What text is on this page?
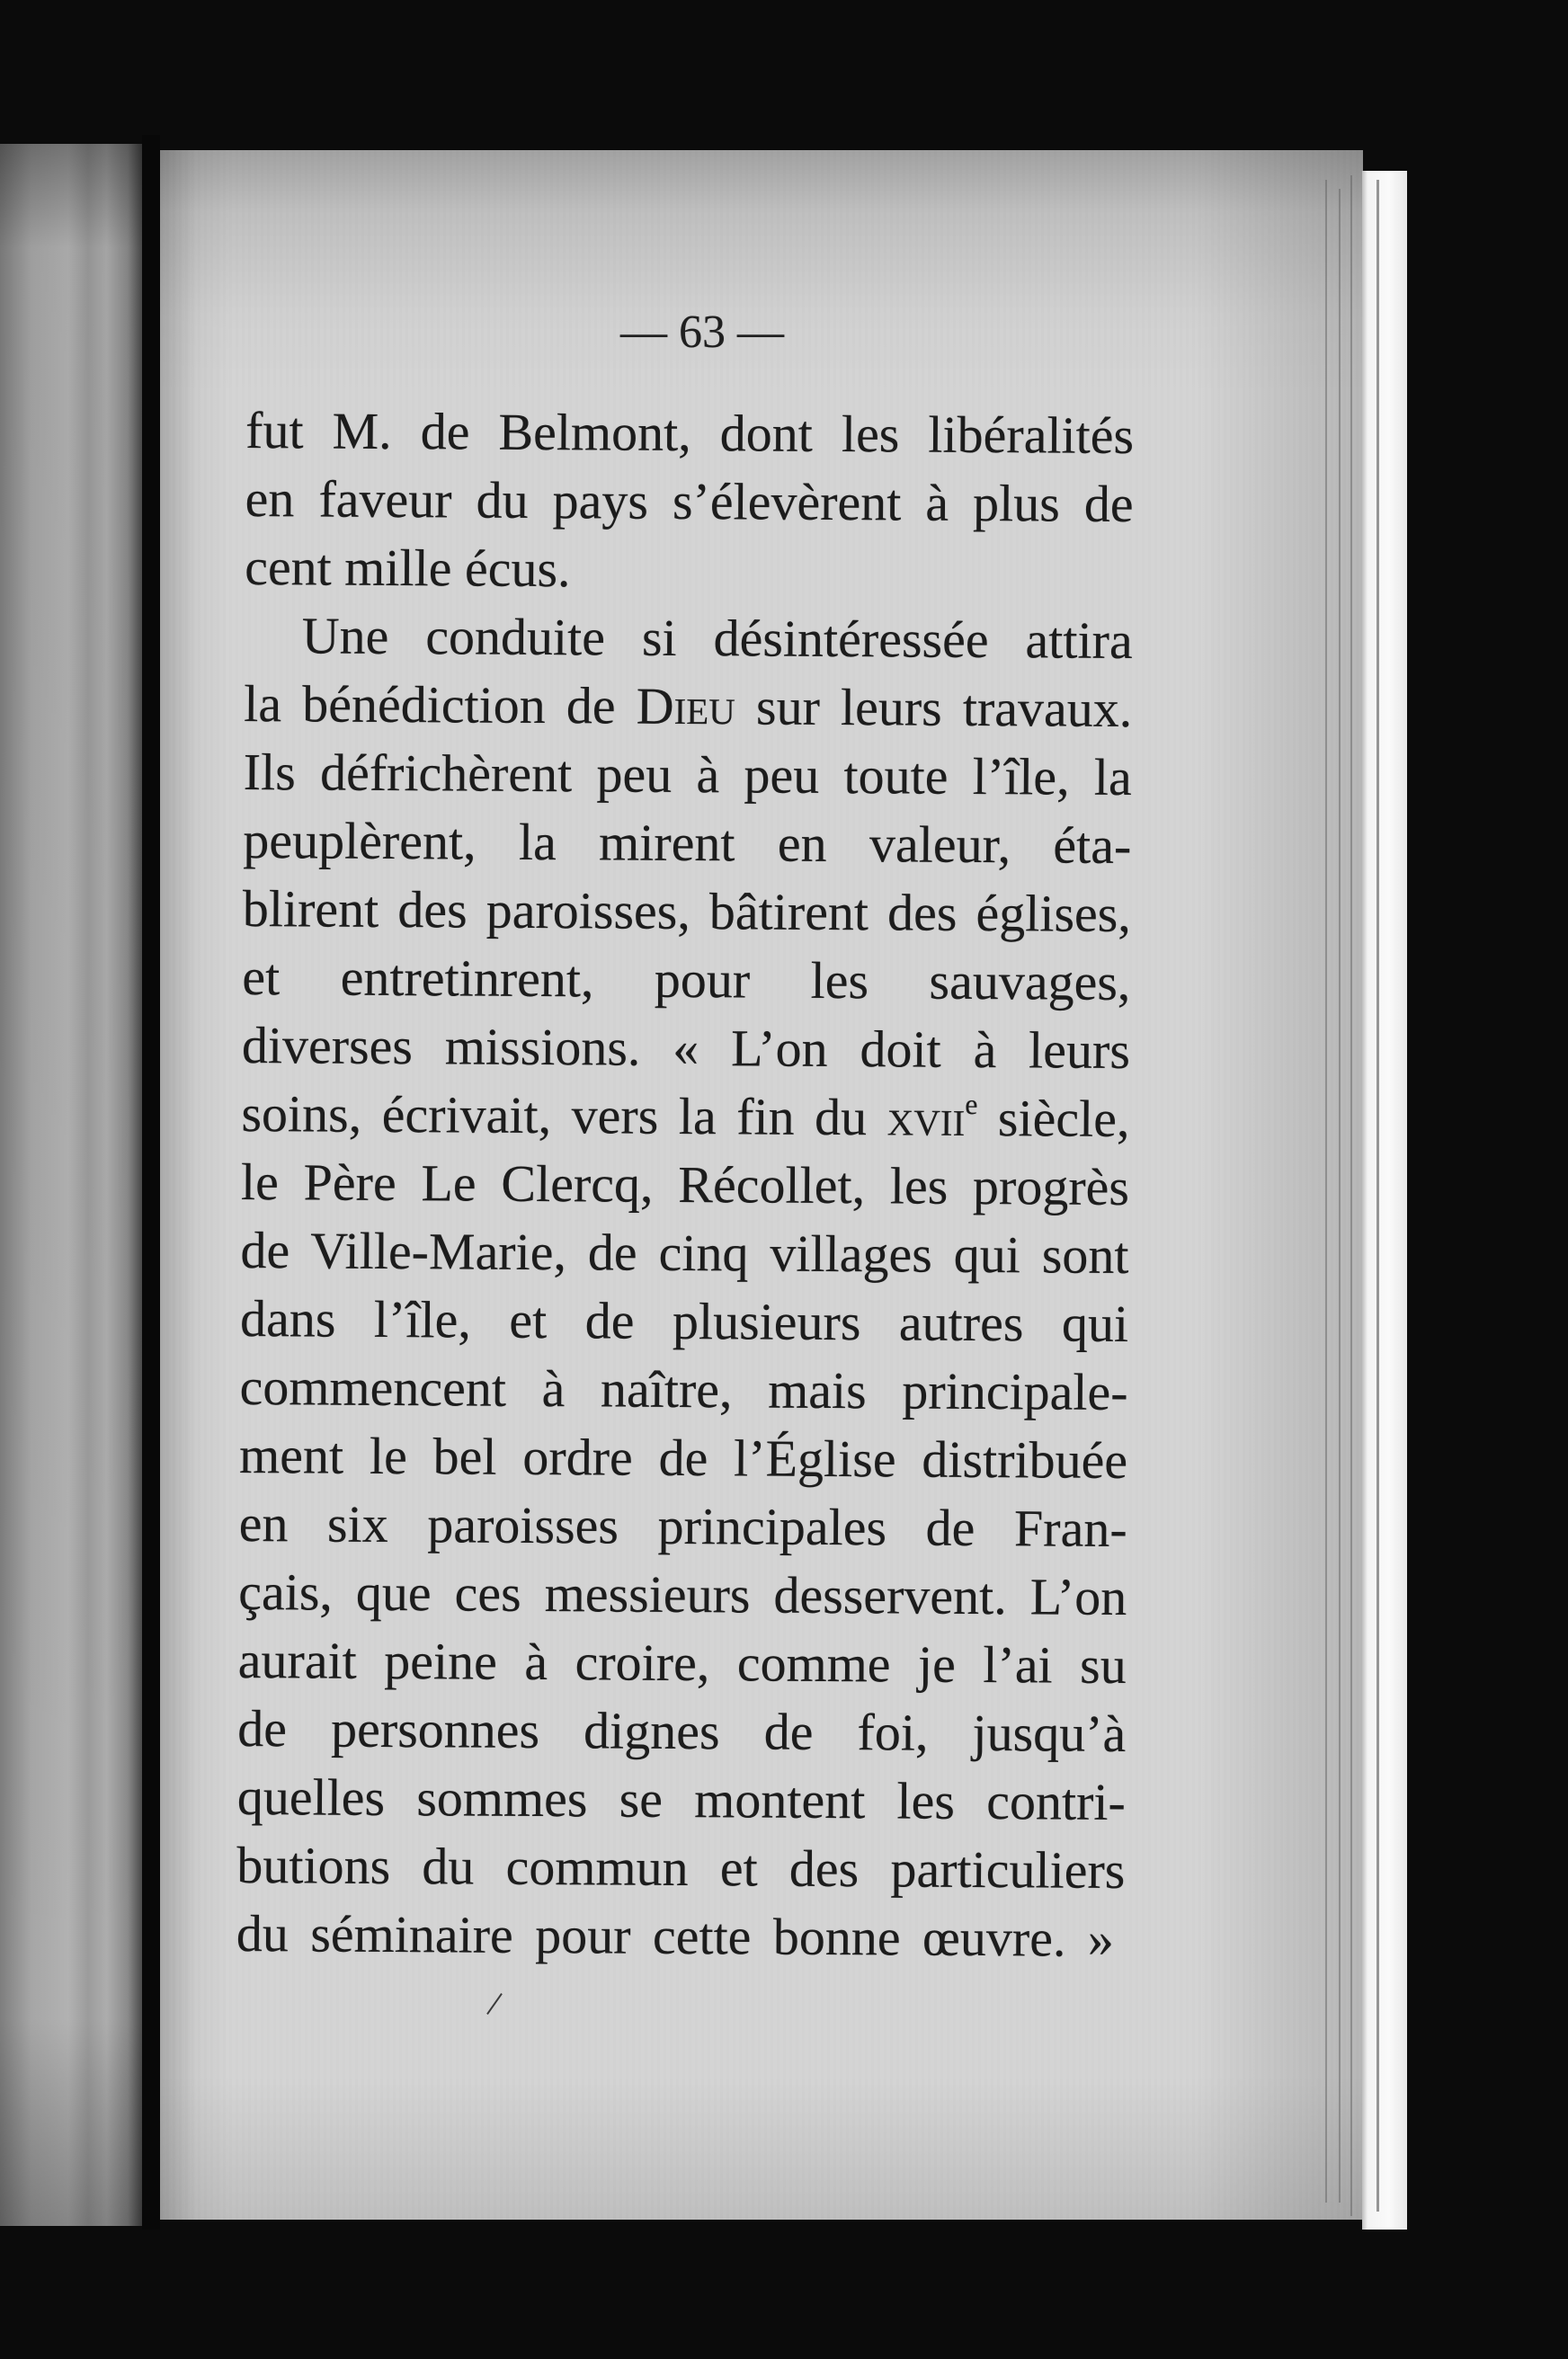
— 63 —
fut M. de Belmont, dont les libéralités
en faveur du pays s’élevèrent à plus de
cent mille écus.
Une conduite si désintéressée attira
la bénédiction de Dieu sur leurs travaux.
Ils défrichèrent peu à peu toute l’île, la
peuplèrent, la mirent en valeur, éta-
blirent des paroisses, bâtirent des églises,
et entretinrent, pour les sauvages,
diverses missions. « L’on doit à leurs
soins, écrivait, vers la fin du xvii$^e$ siècle,
le Père Le Clercq, Récollet, les progrès
de Ville-Marie, de cinq villages qui sont
dans l’île, et de plusieurs autres qui
commencent à naître, mais principale-
ment le bel ordre de l’Église distribuée
en six paroisses principales de Fran-
çais, que ces messieurs desservent. L’on
aurait peine à croire, comme je l’ai su
de personnes dignes de foi, jusqu’à
quelles sommes se montent les contri-
butions du commun et des particuliers
du séminaire pour cette bonne œuvre. »
